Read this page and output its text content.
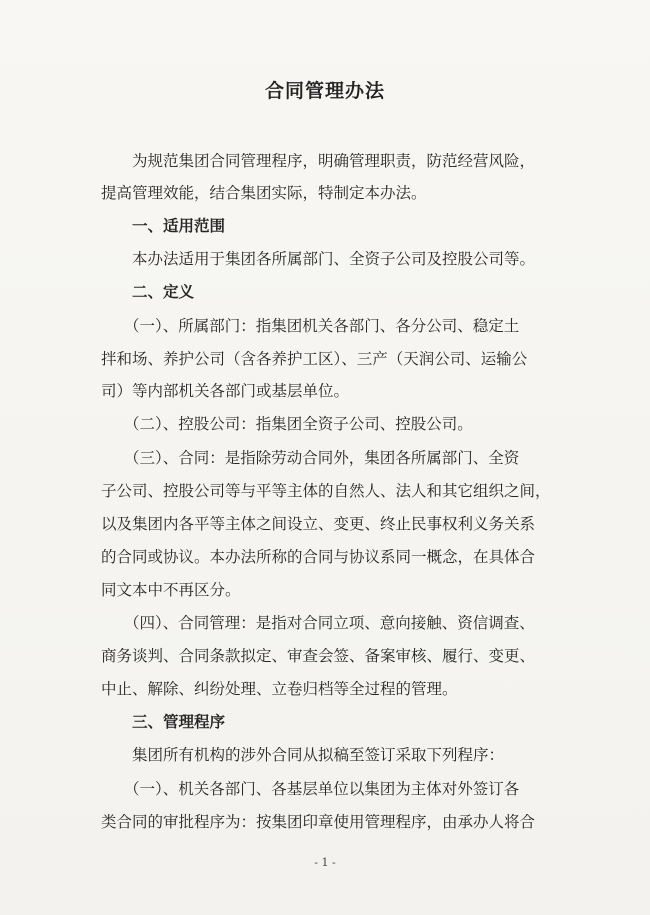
合同管理办法
为规范集团合同管理程序，明确管理职责，防范经营风险，
提高管理效能，结合集团实际，特制定本办法。
一、适用范围
本办法适用于集团各所属部门、全资子公司及控股公司等。
二、定义
（一）、所属部门：指集团机关各部门、各分公司、稳定土
拌和场、养护公司（含各养护工区）、三产（天润公司、运输公
司）等内部机关各部门或基层单位。
（二）、控股公司：指集团全资子公司、控股公司。
（三）、合同：是指除劳动合同外，集团各所属部门、全资
子公司、控股公司等与平等主体的自然人、法人和其它组织之间，
以及集团内各平等主体之间设立、变更、终止民事权利义务关系
的合同或协议。本办法所称的合同与协议系同一概念，在具体合
同文本中不再区分。
（四）、合同管理：是指对合同立项、意向接触、资信调查、
商务谈判、合同条款拟定、审查会签、备案审核、履行、变更、
中止、解除、纠纷处理、立卷归档等全过程的管理。
三、管理程序
集团所有机构的涉外合同从拟稿至签订采取下列程序：
（一）、机关各部门、各基层单位以集团为主体对外签订各
类合同的审批程序为：按集团印章使用管理程序，由承办人将合
- 1 -
